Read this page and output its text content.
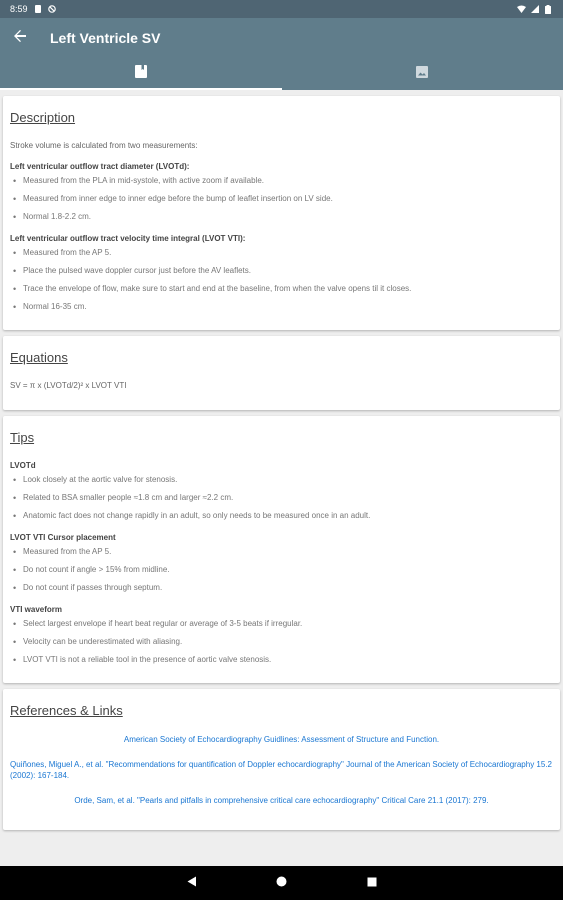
8:59
Left Ventricle SV
Description

Stroke volume is calculated from two measurements:

Left ventricular outflow tract diameter (LVOTd):
• Measured from the PLA in mid-systole, with active zoom if available.
• Measured from inner edge to inner edge before the bump of leaflet insertion on LV side.
• Normal 1.8-2.2 cm.
Left ventricular outflow tract velocity time integral (LVOT VTI):
• Measured from the AP 5.
• Place the pulsed wave doppler cursor just before the AV leaflets.
• Trace the envelope of flow, make sure to start and end at the baseline, from when the valve opens til it closes.
• Normal 16-35 cm.
Equations

SV = π x (LVOTd/2)² x LVOT VTI

Tips
LVOTd
• Look closely at the aortic valve for stenosis.
• Related to BSA smaller people ≈1.8 cm and larger ≈2.2 cm.
• Anatomic fact does not change rapidly in an adult, so only needs to be measured once in an adult.
LVOT VTI Cursor placement
• Measured from the AP 5.
• Do not count if angle > 15% from midline.
• Do not count if passes through septum.
VTI waveform
• Select largest envelope if heart beat regular or average of 3-5 beats if irregular.
• Velocity can be underestimated with aliasing.
• LVOT VTI is not a reliable tool in the presence of aortic valve stenosis.
References & Links

American Society of Echocardiography Guidlines: Assessment of Structure and Function.

Quiñones, Miguel A., et al. "Recommendations for quantification of Doppler echocardiography" Journal of the American Society of Echocardiography 15.2 (2002): 167-184.

Orde, Sam, et al. "Pearls and pitfalls in comprehensive critical care echocardiography" Critical Care 21.1 (2017): 279.
